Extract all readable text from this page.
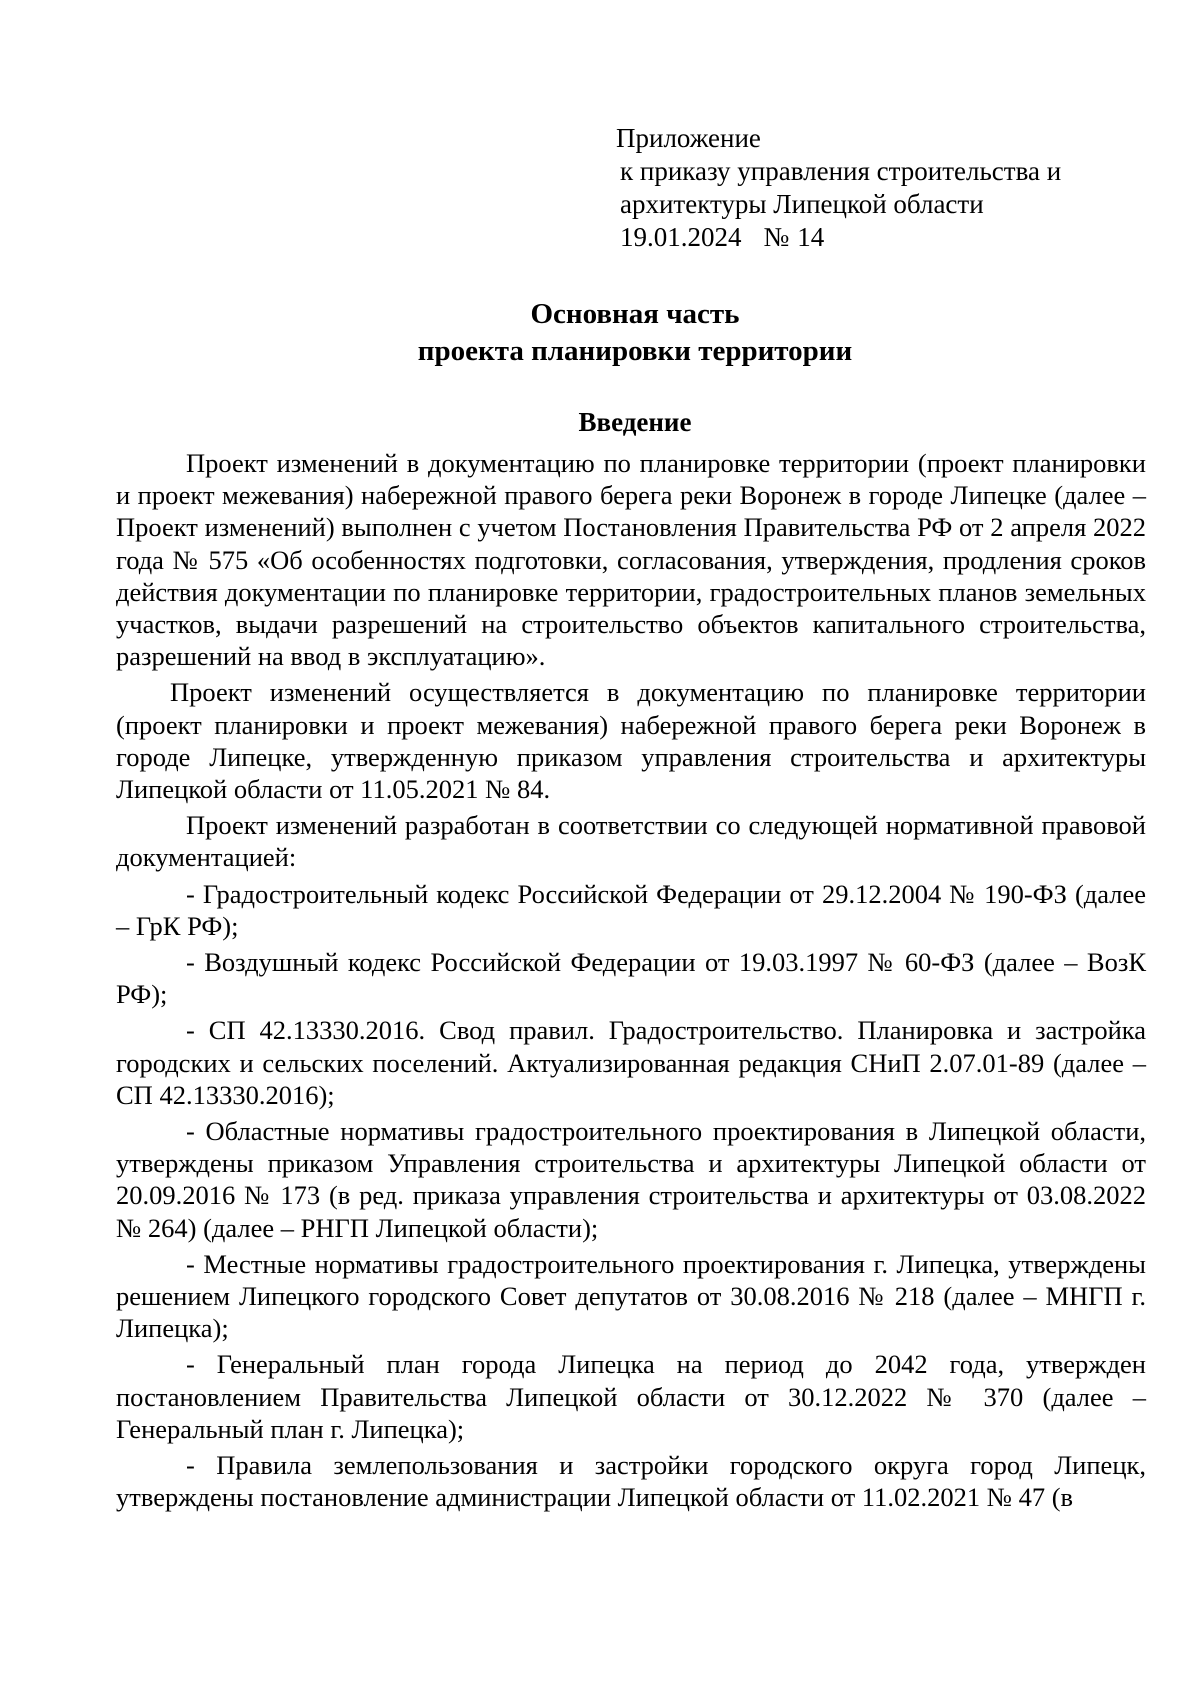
Приложение
к приказу управления строительства и
архитектуры Липецкой области
19.01.2024 № 14
Основная часть
проекта планировки территории
Введение

Проект изменений в документацию по планировке территории (проект планировки и проект межевания) набережной правого берега реки Воронеж в городе Липецке (далее – Проект изменений) выполнен с учетом Постановления Правительства РФ от 2 апреля 2022 года № 575 «Об особенностях подготовки, согласования, утверждения, продления сроков действия документации по планировке территории, градостроительных планов земельных участков, выдачи разрешений на строительство объектов капитального строительства, разрешений на ввод в эксплуатацию».

Проект изменений осуществляется в документацию по планировке территории (проект планировки и проект межевания) набережной правого берега реки Воронеж в городе Липецке, утвержденную приказом управления строительства и архитектуры Липецкой области от 11.05.2021 № 84.

Проект изменений разработан в соответствии со следующей нормативной правовой документацией:

- Градостроительный кодекс Российской Федерации от 29.12.2004 № 190-ФЗ (далее – ГрК РФ);

- Воздушный кодекс Российской Федерации от 19.03.1997 № 60-ФЗ (далее – ВозК РФ);

- СП 42.13330.2016. Свод правил. Градостроительство. Планировка и застройка городских и сельских поселений. Актуализированная редакция СНиП 2.07.01-89 (далее – СП 42.13330.2016);

- Областные нормативы градостроительного проектирования в Липецкой области, утверждены приказом Управления строительства и архитектуры Липецкой области от 20.09.2016 № 173 (в ред. приказа управления строительства и архитектуры от 03.08.2022 № 264) (далее – РНГП Липецкой области);

- Местные нормативы градостроительного проектирования г. Липецка, утверждены решением Липецкого городского Совет депутатов от 30.08.2016 № 218 (далее – МНГП г. Липецка);

- Генеральный план города Липецка на период до 2042 года, утвержден постановлением Правительства Липецкой области от 30.12.2022 № 370 (далее – Генеральный план г. Липецка);

- Правила землепользования и застройки городского округа город Липецк, утверждены постановление администрации Липецкой области от 11.02.2021 № 47 (в
